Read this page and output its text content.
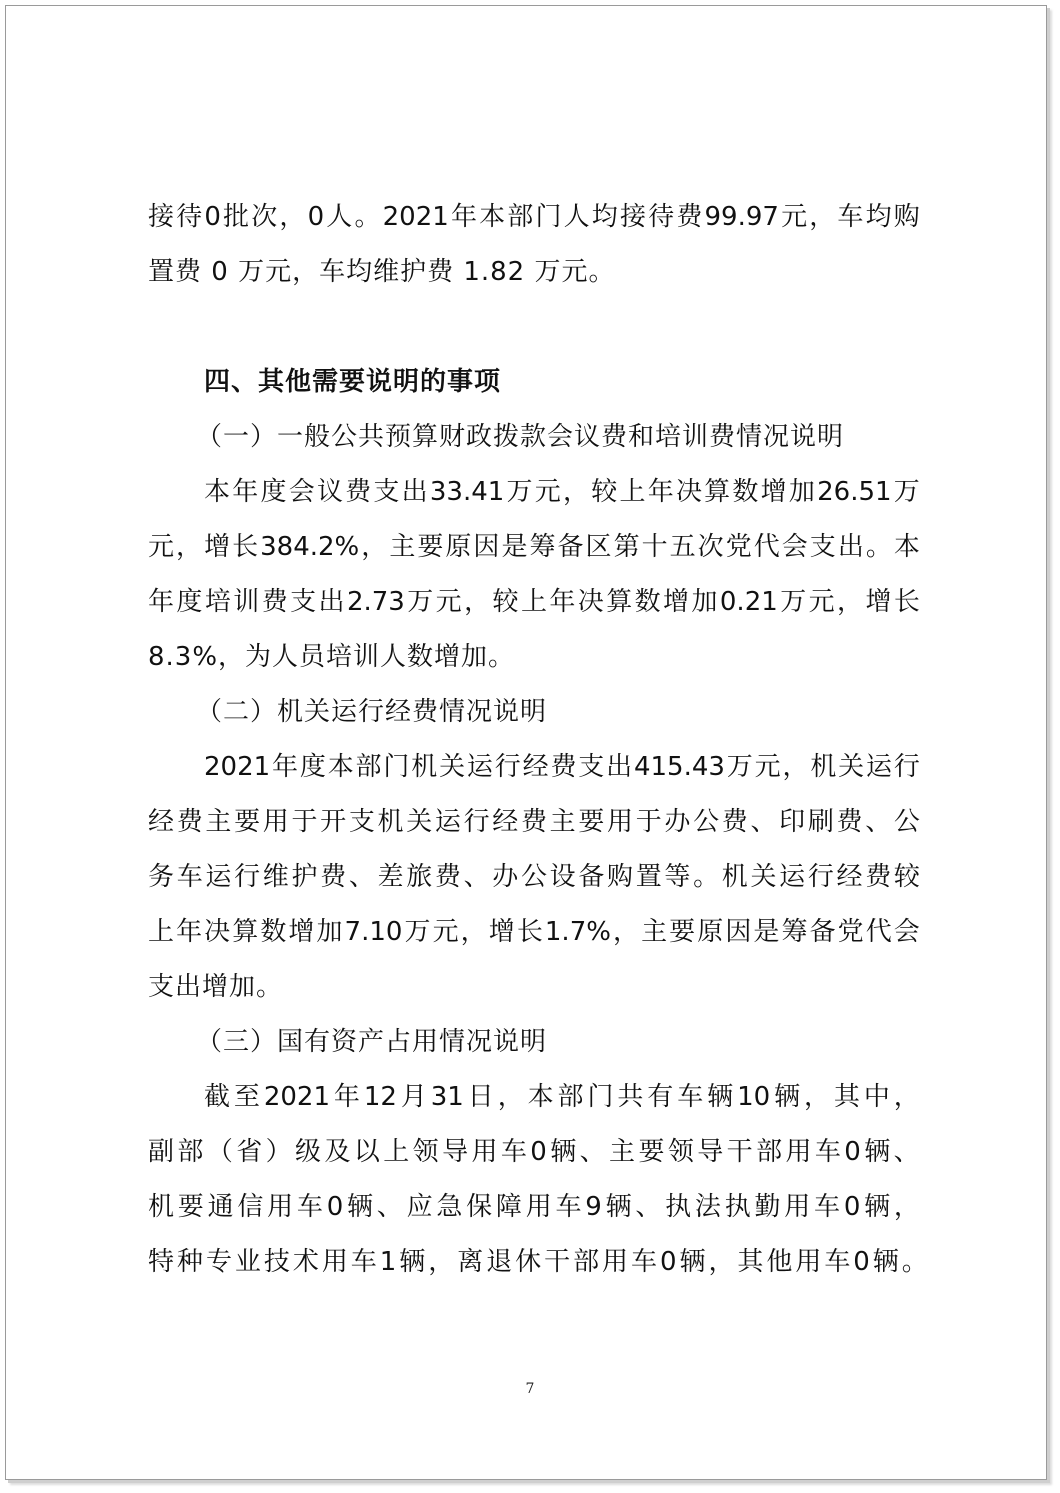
接 待 0 批 次 ， 0 人 。 2021 年 本 部 门 人 均 接 待 费 99.97 元 ， 车 均 购
置费 0 万元，车均维护费 1.82 万元。
四、其他需要说明的事项
（一）一般公共预算财政拨款会议费和培训费情况说明
本 年 度 会 议 费 支 出 33.41 万 元 ， 较 上 年 决 算 数 增 加 26.51 万
元 ， 增 长 384.2% ， 主 要 原 因 是 筹 备 区 第 十 五 次 党 代 会 支 出 。 本
年 度 培 训 费 支 出 2.73 万 元 ， 较 上 年 决 算 数 增 加 0.21 万 元 ， 增 长
8.3%，为人员培训人数增加。
（二）机关运行经费情况说明
2021 年 度 本 部 门 机 关 运 行 经 费 支 出 415.43 万 元 ， 机 关 运 行
经 费 主 要 用 于 开 支 机 关 运 行 经 费 主 要 用 于 办 公 费 、 印 刷 费 、 公
务 车 运 行 维 护 费 、 差 旅 费 、 办 公 设 备 购 置 等 。 机 关 运 行 经 费 较
上 年 决 算 数 增 加 7.10 万 元 ， 增 长 1.7% ， 主 要 原 因 是 筹 备 党 代 会
支出增加。
（三）国有资产占用情况说明
截 至 2021 年 12 月 31 日 ， 本 部 门 共 有 车 辆 10 辆 ， 其 中 ，
副 部 （ 省 ） 级 及 以 上 领 导 用 车 0 辆 、 主 要 领 导 干 部 用 车 0 辆 、
机 要 通 信 用 车 0 辆 、 应 急 保 障 用 车 9 辆 、 执 法 执 勤 用 车 0 辆 ，
特 种 专 业 技 术 用 车 1 辆 ， 离 退 休 干 部 用 车 0 辆 ， 其 他 用 车 0 辆 。
7
